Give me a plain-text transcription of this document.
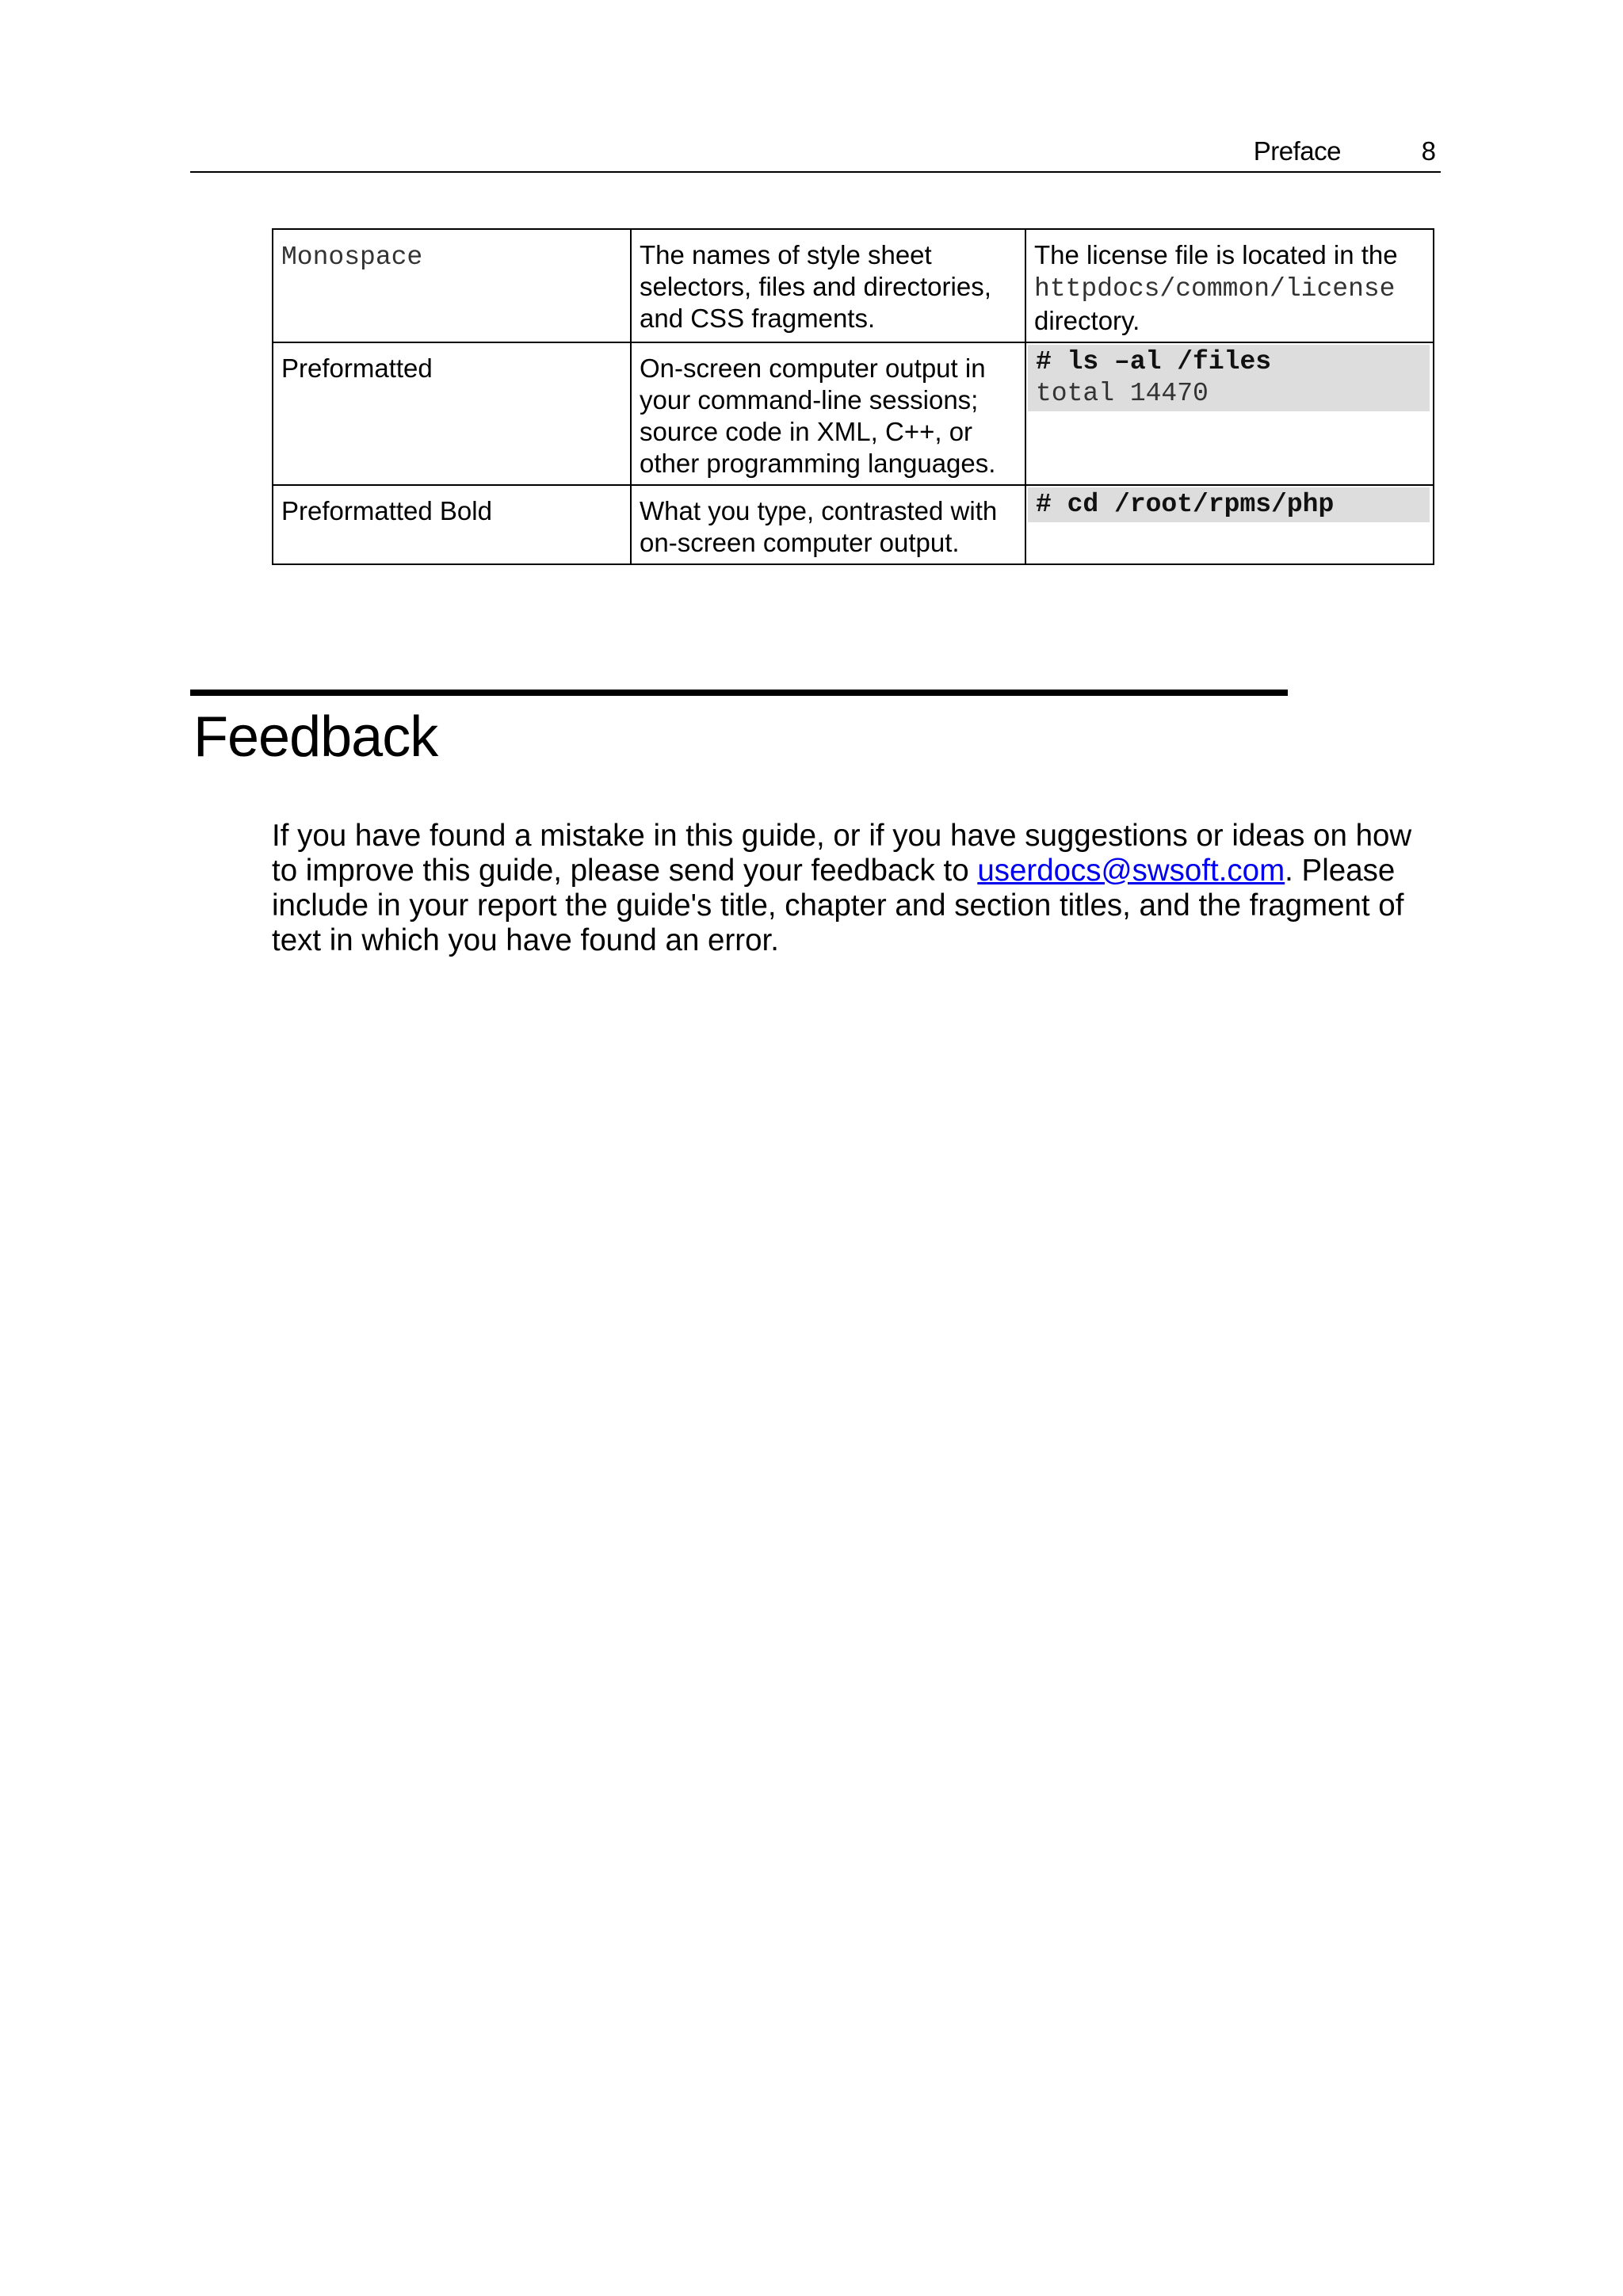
Preface	8
Monospace	The names of style sheet selectors, files and directories, and CSS fragments.	The license file is located in the
httpdocs/common/license
directory.
Preformatted	On-screen computer output in your command-line sessions; source code in XML, C++, or other programming languages.	# ls –al /files
total 14470

Preformatted Bold	What you type, contrasted with on-screen computer output.	# cd /root/rpms/php
Feedback

If you have found a mistake in this guide, or if you have suggestions or ideas on how to improve this guide, please send your feedback to userdocs@swsoft.com. Please include in your report the guide's title, chapter and section titles, and the fragment of text in which you have found an error.
